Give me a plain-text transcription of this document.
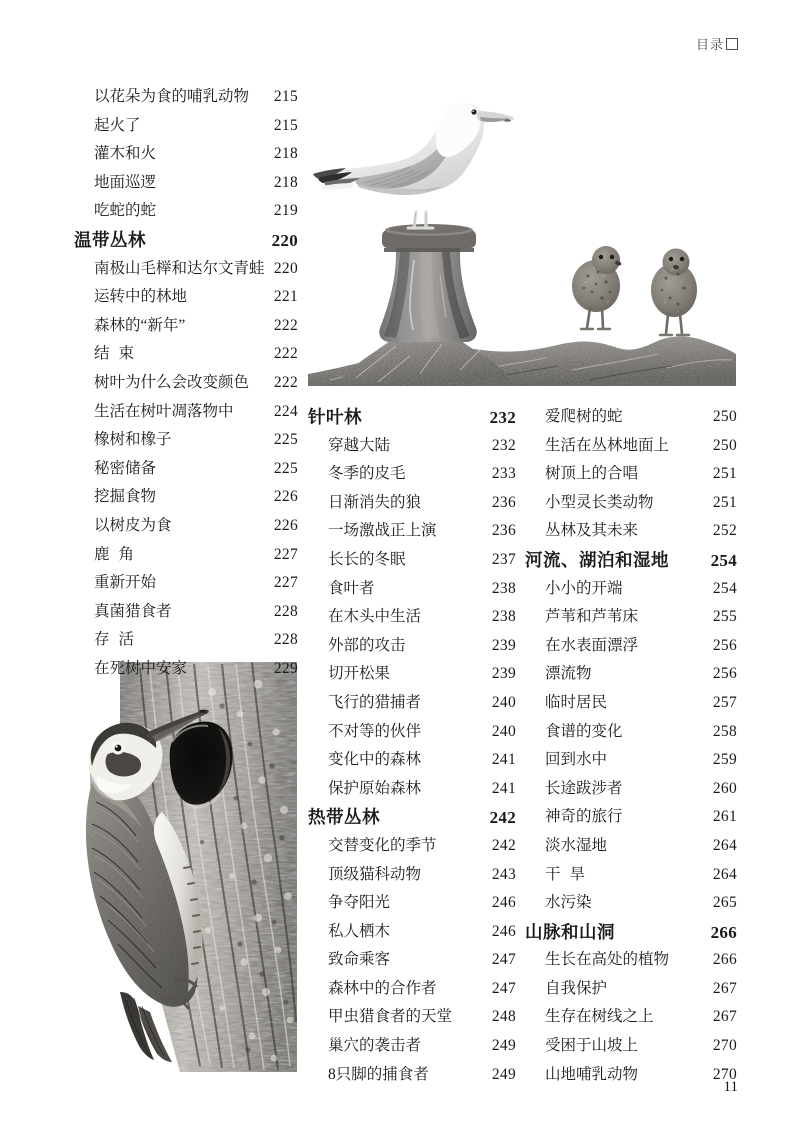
目录
以花朵为食的哺乳动物 215
起火了	215
灌木和火	218
地面巡逻	218
吃蛇的蛇	219
温带丛林	220
南极山毛榉和达尔文青蛙 220
运转中的林地	221
森林的“新年”	222
结束	222
树叶为什么会改变颜色 222
生活在树叶凋落物中	224
橡树和橡子	225
秘密储备	225
挖掘食物	226
以树皮为食	226
鹿角	227
重新开始	227
真菌猎食者	228
存活	228
在死树中安家	229
针叶林	232
穿越大陆	232
冬季的皮毛	233
日渐消失的狼	236
一场激战正上演	236
长长的冬眠	237
食叶者	238
在木头中生活	238
外部的攻击	239
切开松果	239
飞行的猎捕者	240
不对等的伙伴	240
变化中的森林	241
保护原始森林	241
热带丛林	242
交替变化的季节	242
顶级猫科动物	243
争夺阳光	246
私人栖木	246
致命乘客	247
森林中的合作者	247
甲虫猎食者的天堂	248
巢穴的袭击者	249
8只脚的捕食者	249
爱爬树的蛇	250
生活在丛林地面上	250
树顶上的合唱	251
小型灵长类动物	251
丛林及其未来	252
河流、湖泊和湿地 254
小小的开端	254
芦苇和芦苇床	255
在水表面漂浮	256
漂流物	256
临时居民	257
食谱的变化	258
回到水中	259
长途跋涉者	260
神奇的旅行	261
淡水湿地	264
干旱	264
水污染	265
山脉和山洞	266
生长在高处的植物	266
自我保护	267
生存在树线之上	267
受困于山坡上	270
山地哺乳动物	270
11
